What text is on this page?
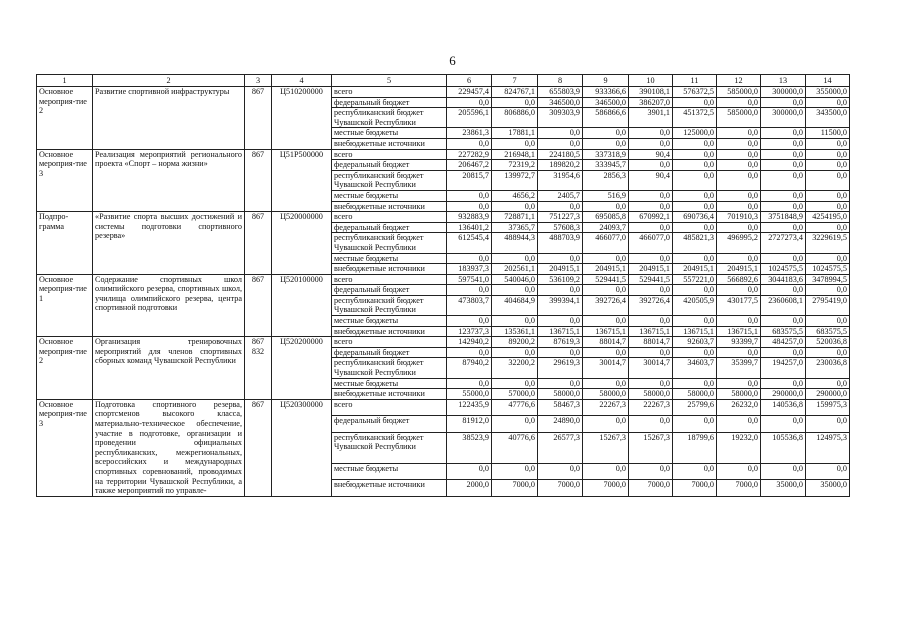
6
1	2	3	4	5	6	7	8	9	10	11	12	13	14
Основное мероприя-тие 2	Развитие спортивной инфраструктуры	867	Ц510200000	всего	229457,4	824767,1	655803,9	933366,6	390108,1	576372,5	585000,0	300000,0	355000,0
				федеральный бюджет	0,0	0,0	346500,0	346500,0	386207,0	0,0	0,0	0,0	0,0
				республиканский бюджет Чувашской Республики	205596,1	806886,0	309303,9	586866,6	3901,1	451372,5	585000,0	300000,0	343500,0
				местные бюджеты	23861,3	17881,1	0,0	0,0	0,0	125000,0	0,0	0,0	11500,0
				внебюджетные источники	0,0	0,0	0,0	0,0	0,0	0,0	0,0	0,0	0,0
Основное мероприя-тие 3	Реализация мероприятий регионального проекта «Спорт – норма жизни»	867	Ц51P500000	всего	227282,9	216948,1	224180,5	337318,9	90,4	0,0	0,0	0,0	0,0
				федеральный бюджет	206467,2	72319,2	189820,2	333945,7	0,0	0,0	0,0	0,0	0,0
				республиканский бюджет Чувашской Республики	20815,7	139972,7	31954,6	2856,3	90,4	0,0	0,0	0,0	0,0
				местные бюджеты	0,0	4656,2	2405,7	516,9	0,0	0,0	0,0	0,0	0,0
				внебюджетные источники	0,0	0,0	0,0	0,0	0,0	0,0	0,0	0,0	0,0
Подпро-грамма	«Развитие спорта высших достижений и системы подготовки спортивного резерва»	867	Ц520000000	всего	932883,9	728871,1	751227,3	695085,8	670992,1	690736,4	701910,3	3751848,9	4254195,0
				федеральный бюджет	136401,2	37365,7	57608,3	24093,7	0,0	0,0	0,0	0,0	0,0
				республиканский бюджет Чувашской Республики	612545,4	488944,3	488703,9	466077,0	466077,0	485821,3	496995,2	2727273,4	3229619,5
				местные бюджеты	0,0	0,0	0,0	0,0	0,0	0,0	0,0	0,0	0,0
				внебюджетные источники	183937,3	202561,1	204915,1	204915,1	204915,1	204915,1	204915,1	1024575,5	1024575,5
Основное мероприя-тие 1	Содержание спортивных школ олимпийского резерва, спортивных школ, училища олимпийского резерва, центра спортивной подготовки	867	Ц520100000	всего	597541,0	540046,0	536109,2	529441,5	529441,5	557221,0	566892,6	3044183,6	3478994,5
				федеральный бюджет	0,0	0,0	0,0	0,0	0,0	0,0	0,0	0,0	0,0
				республиканский бюджет Чувашской Республики	473803,7	404684,9	399394,1	392726,4	392726,4	420505,9	430177,5	2360608,1	2795419,0
				местные бюджеты	0,0	0,0	0,0	0,0	0,0	0,0	0,0	0,0	0,0
				внебюджетные источники	123737,3	135361,1	136715,1	136715,1	136715,1	136715,1	136715,1	683575,5	683575,5
Основное мероприя-тие 2	Организация тренировочных мероприятий для членов спортивных сборных команд Чувашской Республики	867 832	Ц520200000	всего	142940,2	89200,2	87619,3	88014,7	88014,7	92603,7	93399,7	484257,0	520036,8
				федеральный бюджет	0,0	0,0	0,0	0,0	0,0	0,0	0,0	0,0	0,0
				республиканский бюджет Чувашской Республики	87940,2	32200,2	29619,3	30014,7	30014,7	34603,7	35399,7	194257,0	230036,8
				местные бюджеты	0,0	0,0	0,0	0,0	0,0	0,0	0,0	0,0	0,0
				внебюджетные источники	55000,0	57000,0	58000,0	58000,0	58000,0	58000,0	58000,0	290000,0	290000,0
Основное мероприя-тие 3	Подготовка спортивного резерва, спортсменов высокого класса, материально-техническое обеспечение, участие в подготовке, организации и проведении официальных республиканских, межрегиональных, всероссийских и международных спортивных соревнований, проводимых на территории Чувашской Республики, а также мероприятий по управле-	867	Ц520300000	всего	122435,9	47776,6	58467,3	22267,3	22267,3	25799,6	26232,0	140536,8	159975,3
				федеральный бюджет	81912,0	0,0	24890,0	0,0	0,0	0,0	0,0	0,0	0,0
				республиканский бюджет Чувашской Республики	38523,9	40776,6	26577,3	15267,3	15267,3	18799,6	19232,0	105536,8	124975,3
				местные бюджеты	0,0	0,0	0,0	0,0	0,0	0,0	0,0	0,0	0,0
				внебюджетные источники	2000,0	7000,0	7000,0	7000,0	7000,0	7000,0	7000,0	35000,0	35000,0
